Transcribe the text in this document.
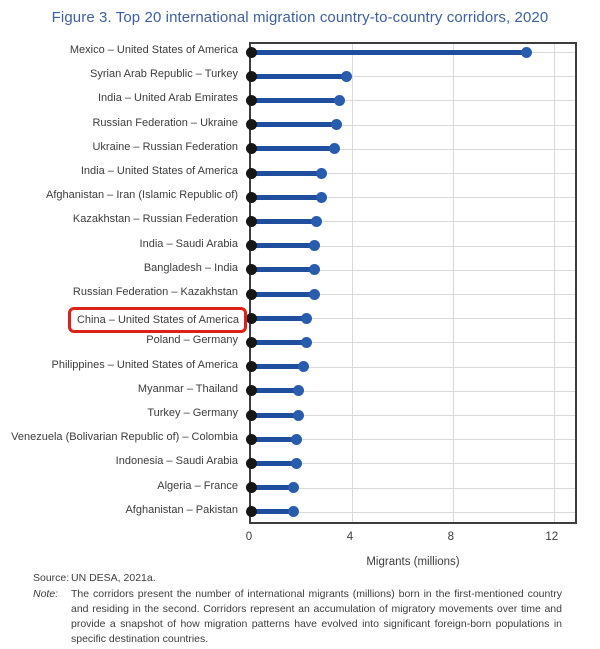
Figure 3. Top 20 international migration country-to-country corridors, 2020
Mexico – United States of America
Syrian Arab Republic – Turkey
India – United Arab Emirates
Russian Federation – Ukraine
Ukraine – Russian Federation
India – United States of America
Afghanistan – Iran (Islamic Republic of)
Kazakhstan – Russian Federation
India – Saudi Arabia
Bangladesh – India
Russian Federation – Kazakhstan
China – United States of America
Poland – Germany
Philippines – United States of America
Myanmar – Thailand
Turkey – Germany
Venezuela (Bolivarian Republic of) – Colombia
Indonesia – Saudi Arabia
Algeria – France
Afghanistan – Pakistan
0	4	8	12
Migrants (millions)
Source: UN DESA, 2021a.
Note:	The corridors present the number of international migrants (millions) born in the first-mentioned country and residing in the second. Corridors represent an accumulation of migratory movements over time and provide a snapshot of how migration patterns have evolved into significant foreign-born populations in specific destination countries.
